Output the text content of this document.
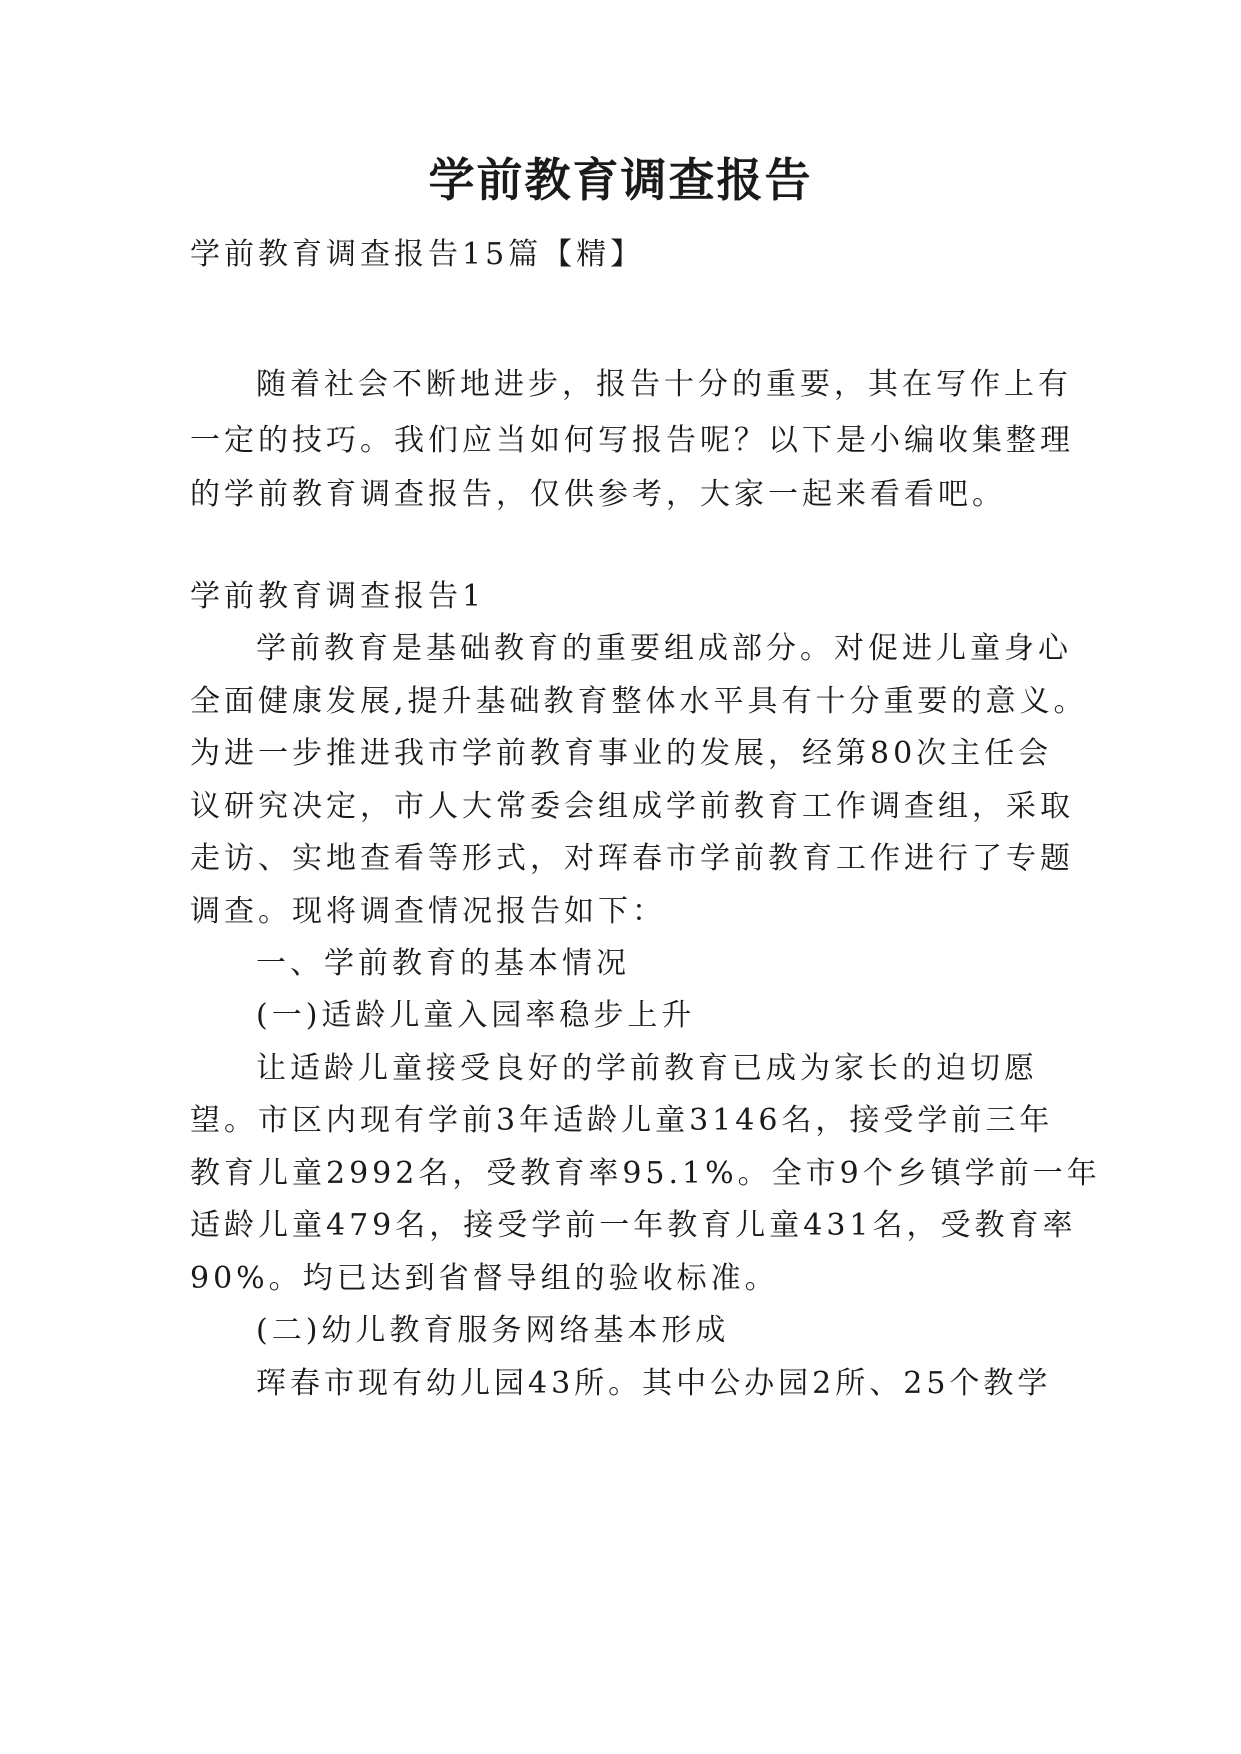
学前教育调查报告
学前教育调查报告15篇【精】
随着社会不断地进步，报告十分的重要，其在写作上有
一定的技巧。我们应当如何写报告呢？以下是小编收集整理
的学前教育调查报告，仅供参考，大家一起来看看吧。
学前教育调查报告1
学前教育是基础教育的重要组成部分。对促进儿童身心
全面健康发展,提升基础教育整体水平具有十分重要的意义。
为进一步推进我市学前教育事业的发展，经第80次主任会
议研究决定，市人大常委会组成学前教育工作调查组，采取
走访、实地查看等形式，对珲春市学前教育工作进行了专题
调查。现将调查情况报告如下：
一、学前教育的基本情况
(一)适龄儿童入园率稳步上升
让适龄儿童接受良好的学前教育已成为家长的迫切愿
望。市区内现有学前3年适龄儿童3146名，接受学前三年
教育儿童2992名，受教育率95.1%。全市9个乡镇学前一年
适龄儿童479名，接受学前一年教育儿童431名，受教育率
90%。均已达到省督导组的验收标准。
(二)幼儿教育服务网络基本形成
珲春市现有幼儿园43所。其中公办园2所、25个教学
